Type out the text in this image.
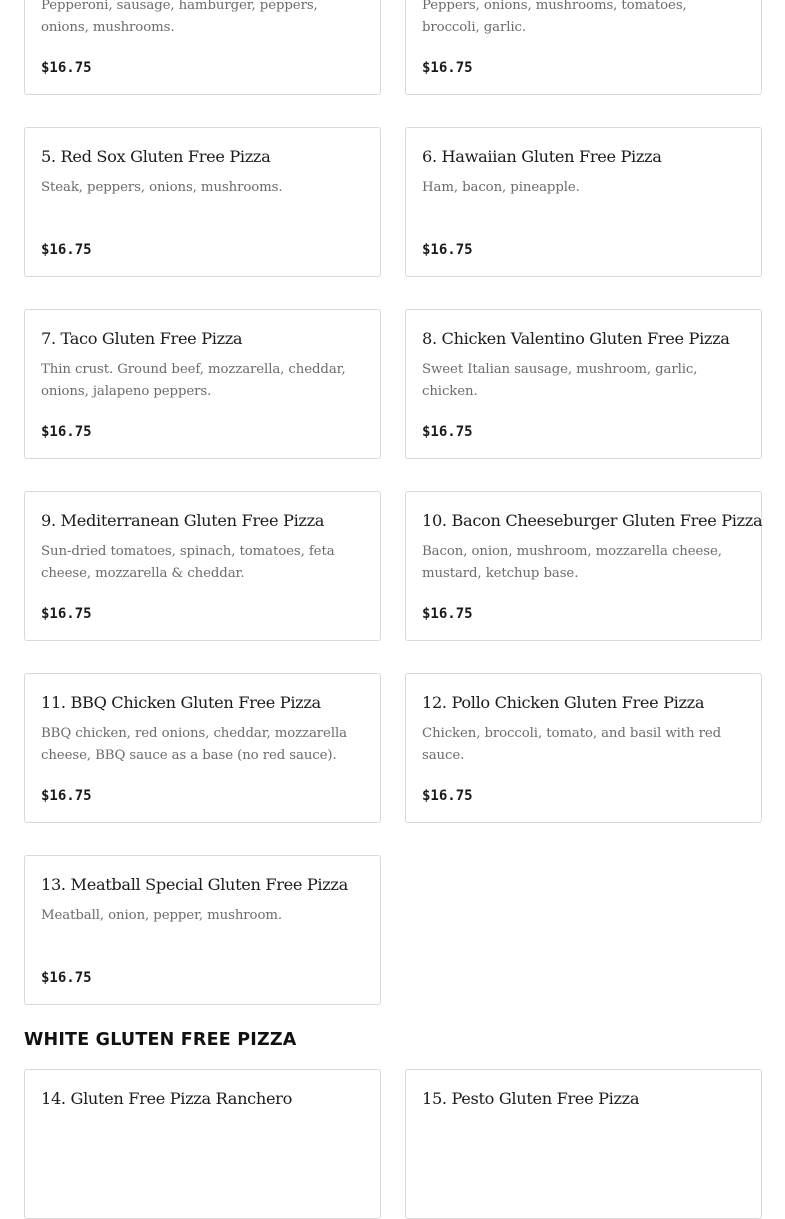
Pepperoni, sausage, hamburger, peppers, onions, mushrooms.
$16.75
Peppers, onions, mushrooms, tomatoes, broccoli, garlic.
$16.75
5. Red Sox Gluten Free Pizza
Steak, peppers, onions, mushrooms.
$16.75
6. Hawaiian Gluten Free Pizza
Ham, bacon, pineapple.
$16.75
7. Taco Gluten Free Pizza
Thin crust. Ground beef, mozzarella, cheddar, onions, jalapeno peppers.
$16.75
8. Chicken Valentino Gluten Free Pizza
Sweet Italian sausage, mushroom, garlic, chicken.
$16.75
9. Mediterranean Gluten Free Pizza
Sun-dried tomatoes, spinach, tomatoes, feta cheese, mozzarella & cheddar.
$16.75
10. Bacon Cheeseburger Gluten Free Pizza
Bacon, onion, mushroom, mozzarella cheese, mustard, ketchup base.
$16.75
11. BBQ Chicken Gluten Free Pizza
BBQ chicken, red onions, cheddar, mozzarella cheese, BBQ sauce as a base (no red sauce).
$16.75
12. Pollo Chicken Gluten Free Pizza
Chicken, broccoli, tomato, and basil with red sauce.
$16.75
13. Meatball Special Gluten Free Pizza
Meatball, onion, pepper, mushroom.
$16.75
WHITE GLUTEN FREE PIZZA
14. Gluten Free Pizza Ranchero	15. Pesto Gluten Free Pizza
